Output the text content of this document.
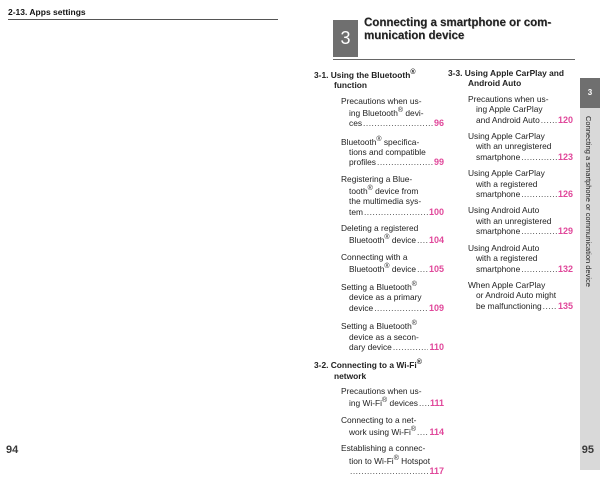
2-13. Apps settings
3
Connecting a smartphone or com-
munication device
3
Connecting a smartphone or communication device
3-1. Using the Bluetooth®
function
Precautions when us-
ing Bluetooth® devi-
ces .....	96
Bluetooth® specifica-
tions and compatible
profiles .....	99
Registering a Blue-
tooth® device from
the multimedia sys-
tem .....	100
Deleting a registered
Bluetooth® device ..... 104
Connecting with a
Bluetooth® device ..... 105
Setting a Bluetooth®
device as a primary
device .....	109
Setting a Bluetooth®
device as a secon-
dary device .....	110
3-2. Connecting to a Wi-Fi®
network
Precautions when us-
ing Wi-Fi® devices ..... 111
Connecting to a net-
work using Wi-Fi® ..... 114
Establishing a connec-
tion to Wi-Fi® Hotspot
.....
117
3-3. Using Apple CarPlay and
Android Auto
Precautions when us-
ing Apple CarPlay
and Android Auto ..... 120
Using Apple CarPlay
with an unregistered
smartphone .....	123
Using Apple CarPlay
with a registered
smartphone .....	126
Using Android Auto
with an unregistered
smartphone .....	129
Using Android Auto
with a registered
smartphone .....	132
When Apple CarPlay
or Android Auto might
be malfunctioning ..... 135
94	95
